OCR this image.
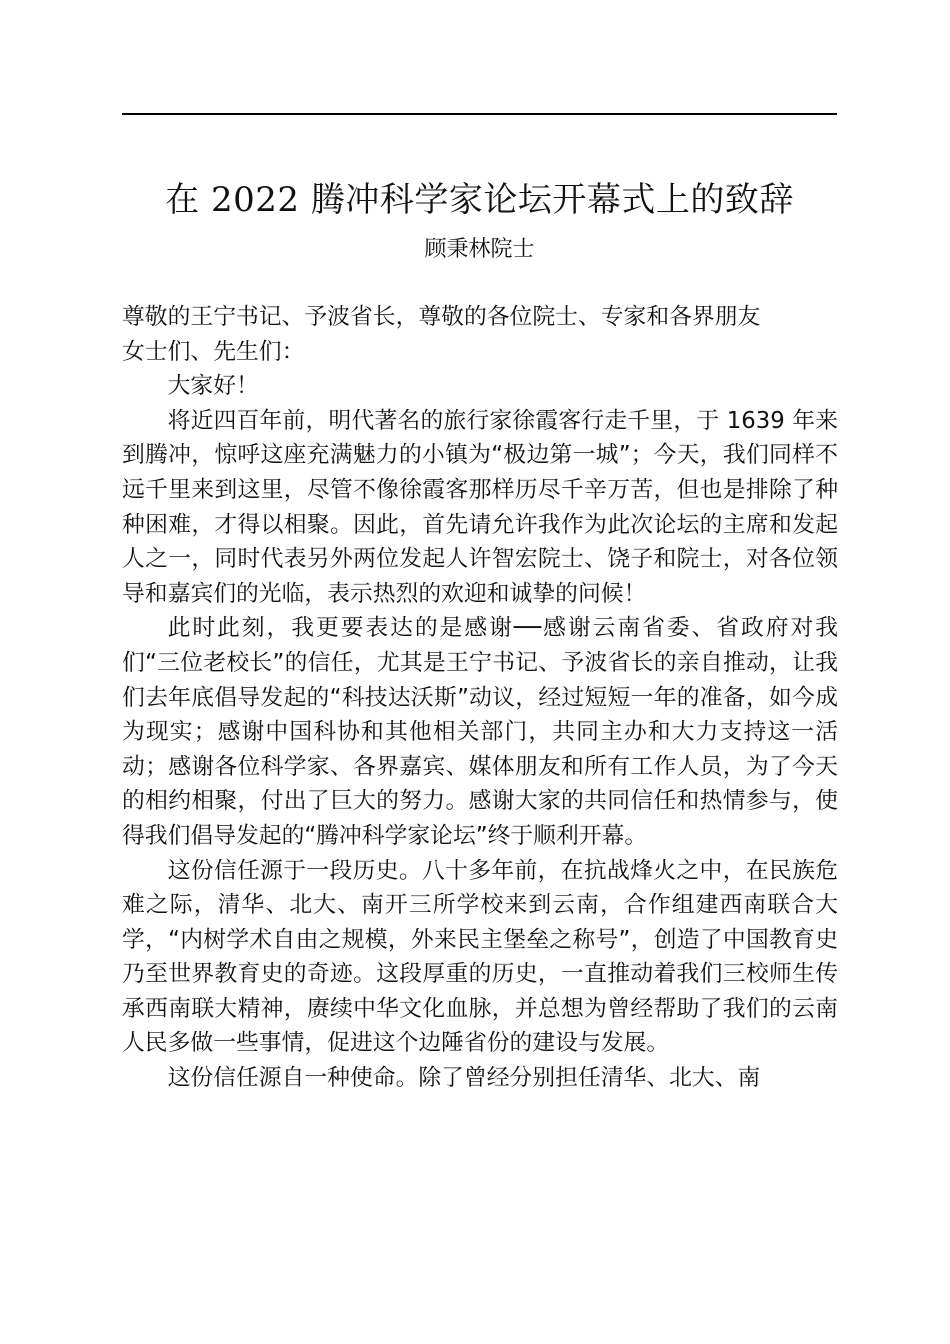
在 2022 腾冲科学家论坛开幕式上的致辞
顾秉林院士

尊敬的王宁书记、予波省长，尊敬的各位院士、专家和各界朋友

女士们、先生们：

大家好！

将近四百年前，明代著名的旅行家徐霞客行走千里，于 1639 年来到腾冲，惊呼这座充满魅力的小镇为“极边第一城”；今天，我们同样不远千里来到这里，尽管不像徐霞客那样历尽千辛万苦，但也是排除了种种困难，才得以相聚。因此，首先请允许我作为此次论坛的主席和发起人之一，同时代表另外两位发起人许智宏院士、饶子和院士，对各位领导和嘉宾们的光临，表示热烈的欢迎和诚挚的问候！

此时此刻，我更要表达的是感谢──感谢云南省委、省政府对我们“三位老校长”的信任，尤其是王宁书记、予波省长的亲自推动，让我们去年底倡导发起的“科技达沃斯”动议，经过短短一年的准备，如今成为现实；感谢中国科协和其他相关部门，共同主办和大力支持这一活动；感谢各位科学家、各界嘉宾、媒体朋友和所有工作人员，为了今天的相约相聚，付出了巨大的努力。感谢大家的共同信任和热情参与，使得我们倡导发起的“腾冲科学家论坛”终于顺利开幕。

这份信任源于一段历史。八十多年前，在抗战烽火之中，在民族危难之际，清华、北大、南开三所学校来到云南，合作组建西南联合大学，“内树学术自由之规模，外来民主堡垒之称号”，创造了中国教育史乃至世界教育史的奇迹。这段厚重的历史，一直推动着我们三校师生传承西南联大精神，赓续中华文化血脉，并总想为曾经帮助了我们的云南人民多做一些事情，促进这个边陲省份的建设与发展。

这份信任源自一种使命。除了曾经分别担任清华、北大、南
